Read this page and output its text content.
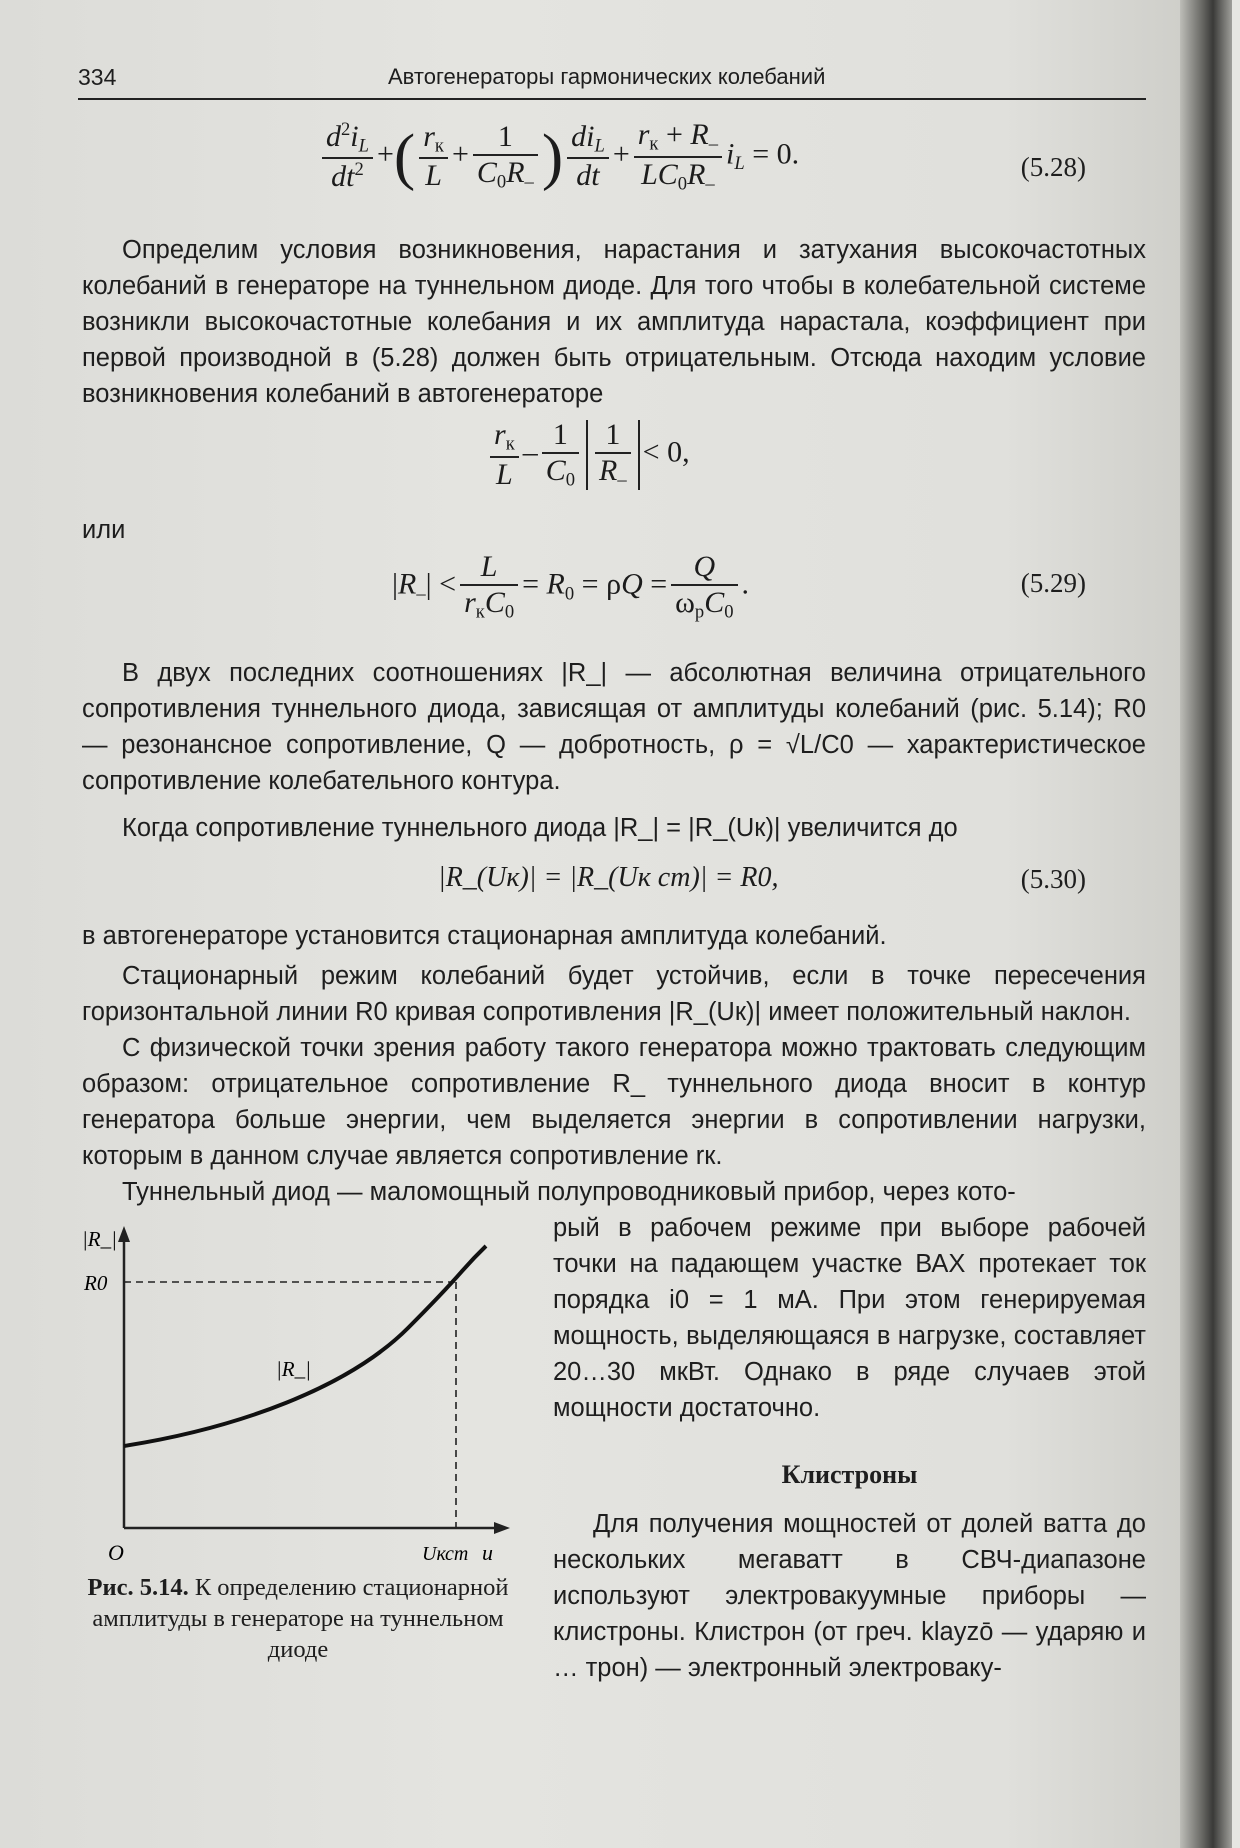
334	Автогенераторы гармонических колебаний
$\frac{d^2i_L}{dt^2}$ +( $\frac{r_к}{L} + \frac{1}{C_0R_-}$ ) $\frac{di_L}{dt} + \frac{r_к + R_-}{LC_0R_-} i_L = 0$.	(5.28)
Определим условия возникновения, нарастания и затухания высокочастотных колебаний в генераторе на туннельном диоде. Для того чтобы в колебательной системе возникли высокочастотные колебания и их амплитуда нарастала, коэффициент при первой производной в (5.28) должен быть отрицательным. Отсюда находим условие возникновения колебаний в автогенераторе
$\frac{r_к}{L} - \frac{1}{C_0} \frac{1}{R_-} < 0$,
или
$|R_-| < \frac{L}{r_кC_0} = R_0 = \rho Q = \frac{Q}{\omega_рC_0}$ .	(5.29)
В двух последних соотношениях |R_| — абсолютная величина отрицательного сопротивления туннельного диода, зависящая от амплитуды колебаний (рис. 5.14); R0 — резонансное сопротивление, Q — добротность, ρ = √L/C0 — характеристическое сопротивление колебательного контура.
Когда сопротивление туннельного диода |R_| = |R_(Uк)| увеличится до
|R_(Uк)| = |R_(Uк ст)| = R0,	(5.30)
в автогенераторе установится стационарная амплитуда колебаний.
Стационарный режим колебаний будет устойчив, если в точке пересечения горизонтальной линии R0 кривая сопротивления |R_(Uк)| имеет положительный наклон.
С физической точки зрения работу такого генератора можно трактовать следующим образом: отрицательное сопротивление R_ туннельного диода вносит в контур генератора больше энергии, чем выделяется энергии в сопротивлении нагрузки, которым в данном случае является сопротивление rк.
Туннельный диод — маломощный полупроводниковый прибор, через кото-
рый в рабочем режиме при выборе рабочей точки на падающем участке ВАХ протекает ток порядка i0 = 1 мА. При этом генерируемая мощность, выделяющаяся в нагрузке, составляет 20…30 мкВт. Однако в ряде случаев этой мощности достаточно.
Клистроны
Для получения мощностей от долей ватта до нескольких мегаватт в СВЧ-диапазоне используют электровакуумные приборы — клистроны. Клистрон (от греч. klayzō — ударяю и … трон) — электронный электроваку-
|R_|
R0
|R_|
O	Uкст u
Рис. 5.14. К определению стационарной амплитуды в генераторе на туннельном диоде
